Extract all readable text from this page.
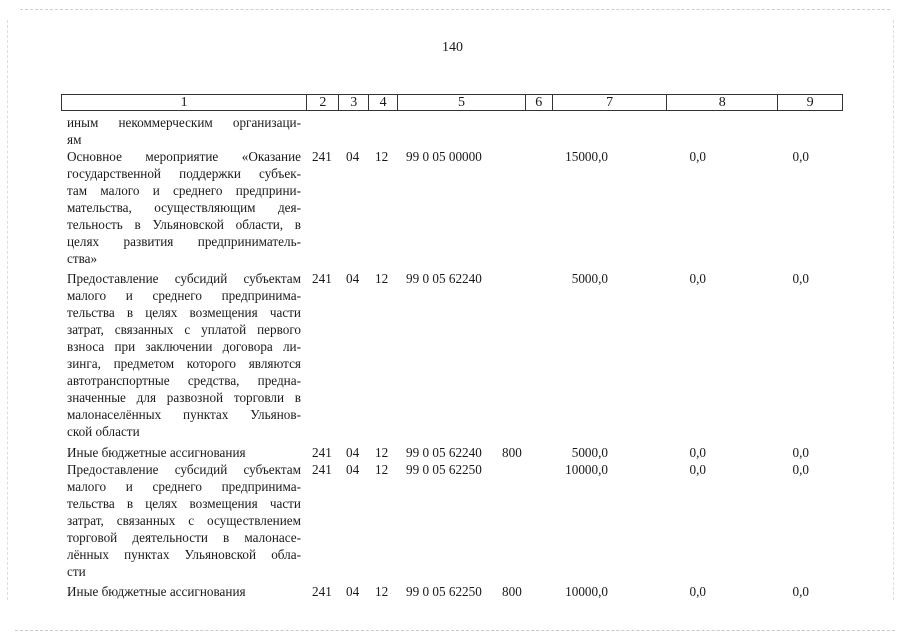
140
1	2	3	4	5	6	7	8	9
иным некоммерческим организаци-
ям
Основное мероприятие «Оказание
государственной поддержки субъек-
там малого и среднего предприни-
мательства, осуществляющим дея-
тельность в Ульяновской области, в
целях развития предприниматель-
ства»
241 04 12 99 0 05 00000	15000,0	0,0	0,0
Предоставление субсидий субъектам
малого и среднего предпринима-
тельства в целях возмещения части
затрат, связанных с уплатой первого
взноса при заключении договора ли-
зинга, предметом которого являются
автотранспортные средства, предна-
значенные для развозной торговли в
малонаселённых пунктах Ульянов-
ской области
241 04 12 99 0 05 62240	5000,0	0,0	0,0
Иные бюджетные ассигнования	241 04 12 99 0 05 62240 800	5000,0	0,0	0,0
Предоставление субсидий субъектам
малого и среднего предпринима-
тельства в целях возмещения части
затрат, связанных с осуществлением
торговой деятельности в малонасе-
лённых пунктах Ульяновской обла-
сти
241 04 12 99 0 05 62250	10000,0	0,0	0,0
Иные бюджетные ассигнования	241 04 12 99 0 05 62250 800	10000,0	0,0	0,0
